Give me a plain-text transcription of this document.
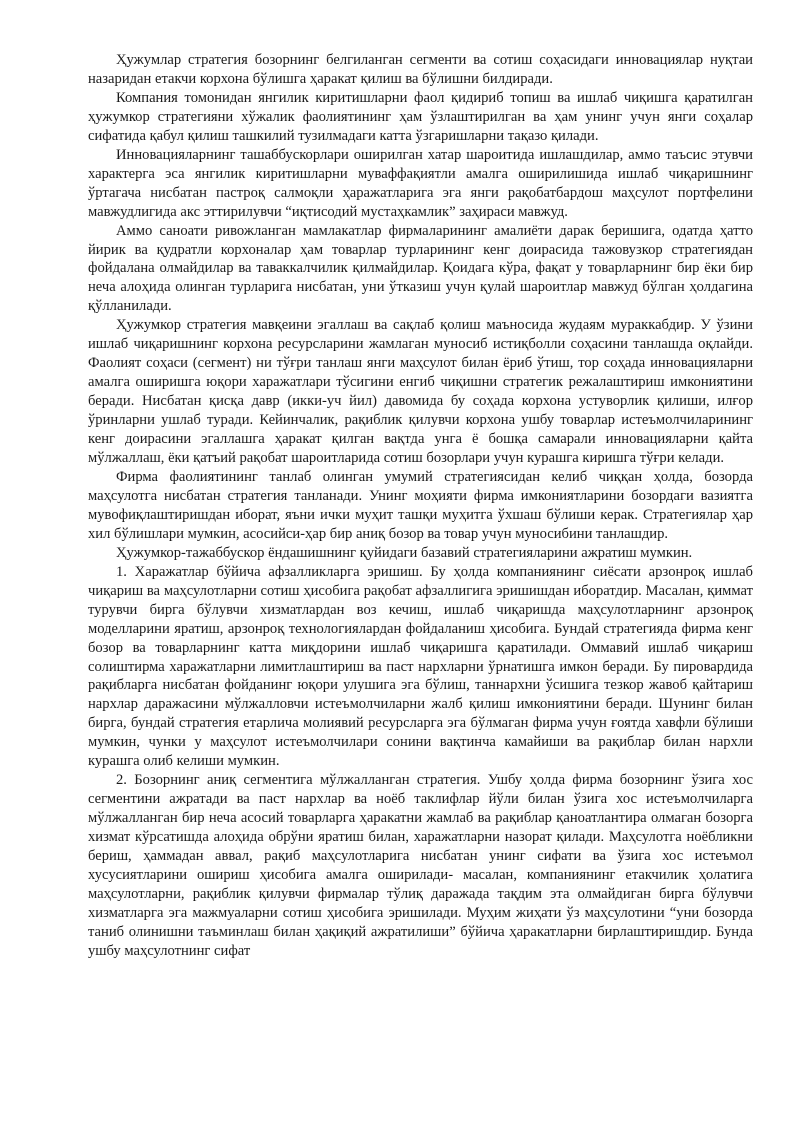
Ҳужумлар стратегия бозорнинг белгиланган сегменти ва сотиш соҳасидаги инновациялар нуқтаи назаридан етакчи корхона бўлишга ҳаракат қилиш ва бўлишни билдиради.

Компания томонидан янгилик киритишларни фаол қидириб топиш ва ишлаб чиқишга қаратилган ҳужумкор стратегияни хўжалик фаолиятининг ҳам ўзлаштирилган ва ҳам унинг учун янги соҳалар сифатида қабул қилиш ташкилий тузилмадаги катта ўзгаришларни тақазо қилади.

Инновацияларнинг ташаббускорлари оширилган хатар шароитида ишлашдилар, аммо таъсис этувчи характерга эса янгилик киритишларни муваффақиятли амалга оширилишида ишлаб чиқаришнинг ўртагача нисбатан пастроқ салмоқли ҳаражатларига эга янги рақобатбардош маҳсулот портфелини мавжудлигида акс эттирилувчи “иқтисодий мустаҳкамлик” заҳираси мавжуд.

Аммо саноати ривожланган мамлакатлар фирмаларининг амалиёти дарак беришига, одатда ҳатто йирик ва қудратли корхоналар ҳам товарлар турларининг кенг доирасида тажовузкор стратегиядан фойдалана олмайдилар ва таваккалчилик қилмайдилар. Қоидага кўра, фақат у товарларнинг бир ёки бир неча алоҳида олинган турларига нисбатан, уни ўтказиш учун қулай шароитлар мавжуд бўлган ҳолдагина қўлланилади.

Ҳужумкор стратегия мавқеини эгаллаш ва сақлаб қолиш маъносида жудаям мураккабдир. У ўзини ишлаб чиқаришнинг корхона ресурсларини жамлаган муносиб истиқболли соҳасини танлашда оқлайди. Фаолият соҳаси (сегмент) ни тўғри танлаш янги маҳсулот билан ёриб ўтиш, тор соҳада инновацияларни амалга оширишга юқори харажатлари тўсигини енгиб чиқишни стратегик режалаштириш имкониятини беради. Нисбатан қисқа давр (икки-уч йил) давомида бу соҳада корхона устуворлик қилиши, илғор ўринларни ушлаб туради. Кейинчалик, рақиблик қилувчи корхона ушбу товарлар истеъмолчиларининг кенг доирасини эгаллашга ҳаракат қилган вақтда унга ё бошқа самарали инновацияларни қайта мўлжаллаш, ёки қатъий рақобат шароитларида сотиш бозорлари учун курашга киришга тўғри келади.

Фирма фаолиятининг танлаб олинган умумий стратегиясидан келиб чиққан ҳолда, бозорда маҳсулотга нисбатан стратегия танланади. Унинг моҳияти фирма имкониятларини бозордаги вазиятга мувофиқлаштиришдан иборат, яъни ички муҳит ташқи муҳитга ўхшаш бўлиши керак. Стратегиялар ҳар хил бўлишлари мумкин, асосийси-ҳар бир аниқ бозор ва товар учун муносибини танлашдир.

Ҳужумкор-тажаббускор ёндашишнинг қуйидаги базавий стратегияларини ажратиш мумкин.

1. Харажатлар бўйича афзалликларга эришиш. Бу ҳолда компаниянинг сиёсати арзонроқ ишлаб чиқариш ва маҳсулотларни сотиш ҳисобига рақобат афзаллигига эришишдан иборатдир. Масалан, қиммат турувчи бирга бўлувчи хизматлардан воз кечиш, ишлаб чиқаришда маҳсулотларнинг арзонроқ моделларини яратиш, арзонроқ технологиялардан фойдаланиш ҳисобига. Бундай стратегияда фирма кенг бозор ва товарларнинг катта миқдорини ишлаб чиқаришга қаратилади. Оммавий ишлаб чиқариш солиштирма харажатларни лимитлаштириш ва паст нархларни ўрнатишга имкон беради. Бу пировардида рақибларга нисбатан фойданинг юқори улушига эга бўлиш, таннархни ўсишига тезкор жавоб қайтариш нархлар даражасини мўлжалловчи истеъмолчиларни жалб қилиш имкониятини беради. Шунинг билан бирга, бундай стратегия етарлича молиявий ресурсларга эга бўлмаган фирма учун ғоятда хавфли бўлиши мумкин, чунки у маҳсулот истеъмолчилари сонини вақтинча камайиши ва рақиблар билан нархли курашга олиб келиши мумкин.

2. Бозорнинг аниқ сегментига мўлжалланган стратегия. Ушбу ҳолда фирма бозорнинг ўзига хос сегментини ажратади ва паст нархлар ва ноёб таклифлар йўли билан ўзига хос истеъмолчиларга мўлжалланган бир неча асосий товарларга ҳаракатни жамлаб ва рақиблар қаноатлантира олмаган бозорга хизмат кўрсатишда алоҳида обрўни яратиш билан, харажатларни назорат қилади. Маҳсулотга ноёбликни бериш, ҳаммадан аввал, рақиб маҳсулотларига нисбатан унинг сифати ва ўзига хос истеъмол хусусиятларини ошириш ҳисобига амалга оширилади- масалан, компаниянинг етакчилик ҳолатига маҳсулотларни, рақиблик қилувчи фирмалар тўлиқ даражада тақдим эта олмайдиган бирга бўлувчи хизматларга эга мажмуаларни сотиш ҳисобига эришилади. Муҳим жиҳати ўз маҳсулотини “уни бозорда таниб олинишни таъминлаш билан ҳақиқий ажратилиши” бўйича ҳаракатларни бирлаштиришдир. Бунда ушбу маҳсулотнинг сифат
